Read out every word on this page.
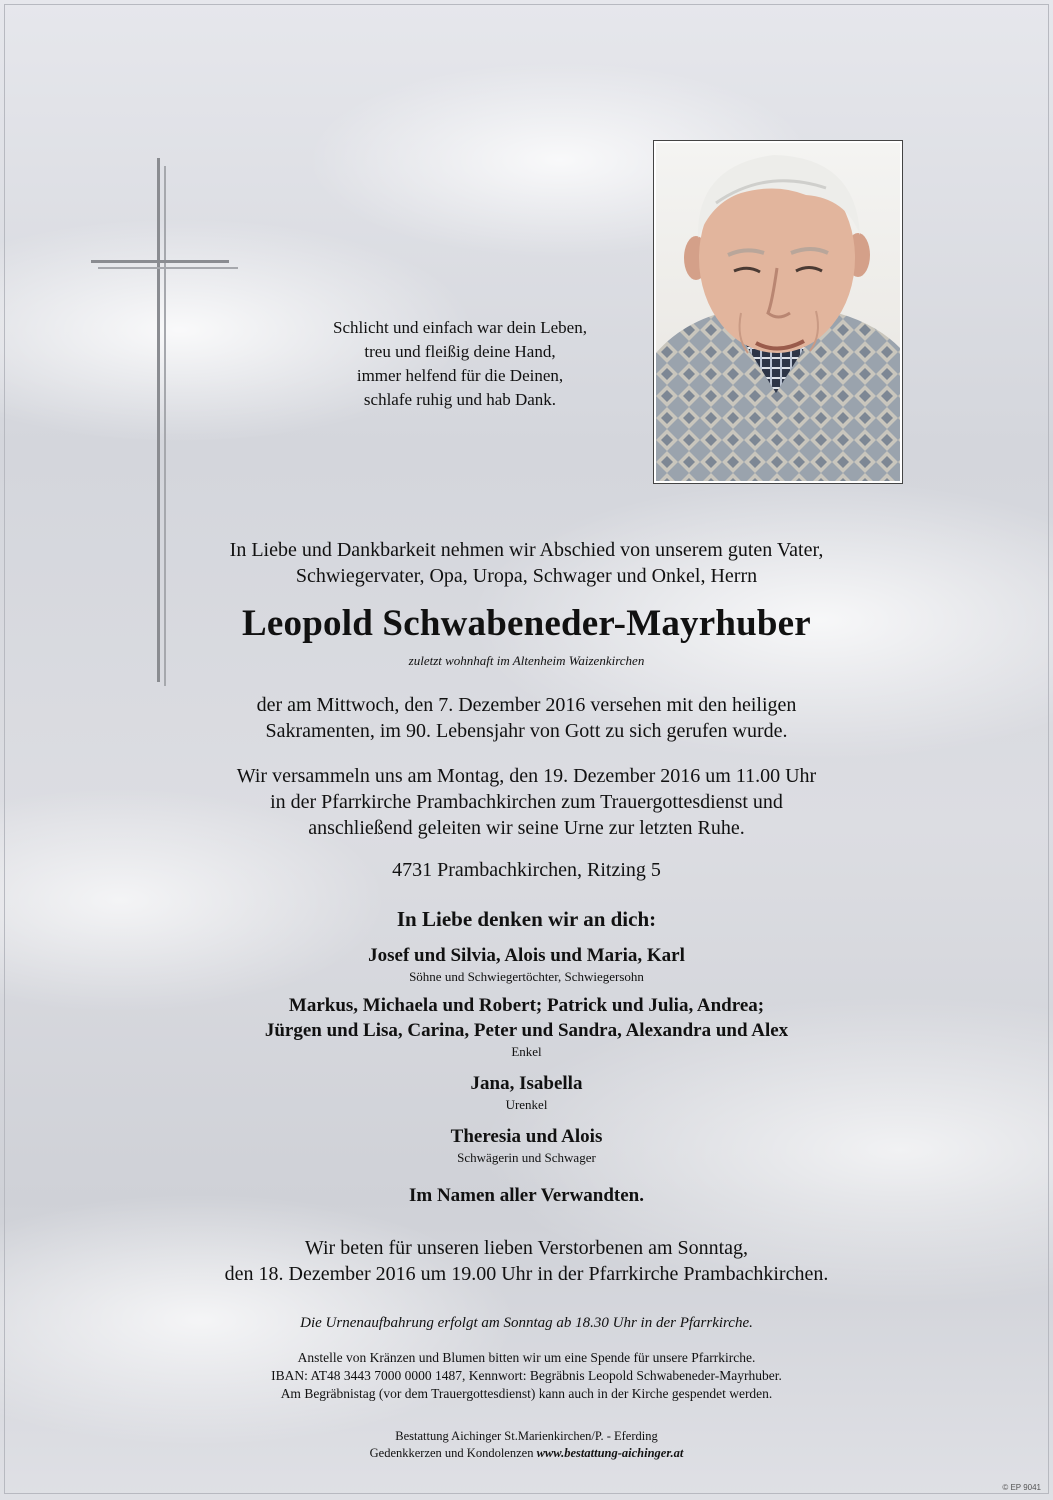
Schlicht und einfach war dein Leben,
treu und fleißig deine Hand,
immer helfend für die Deinen,
schlafe ruhig und hab Dank.
In Liebe und Dankbarkeit nehmen wir Abschied von unserem guten Vater,
Schwiegervater, Opa, Uropa, Schwager und Onkel, Herrn
Leopold Schwabeneder-Mayrhuber
zuletzt wohnhaft im Altenheim Waizenkirchen
der am Mittwoch, den 7. Dezember 2016 versehen mit den heiligen
Sakramenten, im 90. Lebensjahr von Gott zu sich gerufen wurde.
Wir versammeln uns am Montag, den 19. Dezember 2016 um 11.00 Uhr
in der Pfarrkirche Prambachkirchen zum Trauergottesdienst und
anschließend geleiten wir seine Urne zur letzten Ruhe.
4731 Prambachkirchen, Ritzing 5
In Liebe denken wir an dich:
Josef und Silvia, Alois und Maria, Karl
Söhne und Schwiegertöchter, Schwiegersohn
Markus, Michaela und Robert; Patrick und Julia, Andrea;
Jürgen und Lisa, Carina, Peter und Sandra, Alexandra und Alex
Enkel
Jana, Isabella
Urenkel
Theresia und Alois
Schwägerin und Schwager
Im Namen aller Verwandten.
Wir beten für unseren lieben Verstorbenen am Sonntag,
den 18. Dezember 2016 um 19.00 Uhr in der Pfarrkirche Prambachkirchen.
Die Urnenaufbahrung erfolgt am Sonntag ab 18.30 Uhr in der Pfarrkirche.
Anstelle von Kränzen und Blumen bitten wir um eine Spende für unsere Pfarrkirche.
IBAN: AT48 3443 7000 0000 1487, Kennwort: Begräbnis Leopold Schwabeneder-Mayrhuber.
Am Begräbnistag (vor dem Trauergottesdienst) kann auch in der Kirche gespendet werden.
Bestattung Aichinger St.Marienkirchen/P. - Eferding
Gedenkkerzen und Kondolenzen www.bestattung-aichinger.at
© EP 9041
